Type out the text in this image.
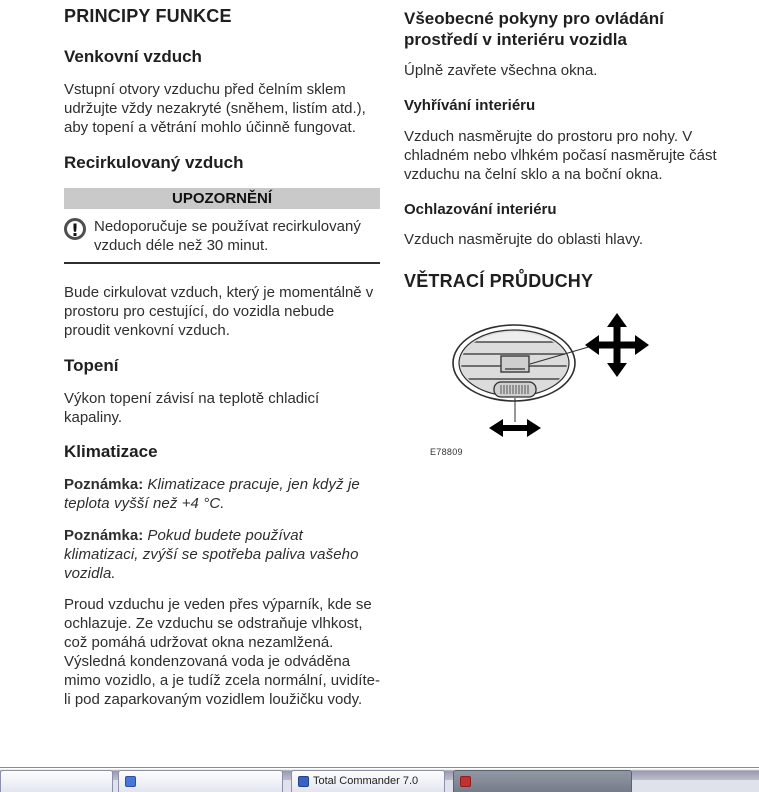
PRINCIPY FUNKCE
Venkovní vzduch

Vstupní otvory vzduchu před čelním sklem udržujte vždy nezakryté (sněhem, listím atd.), aby topení a větrání mohlo účinně fungovat.

Recirkulovaný vzduch
UPOZORNĚNÍ
!	Nedoporučuje se používat recirkulovaný vzduch déle než 30 minut.

Bude cirkulovat vzduch, který je momentálně v prostoru pro cestující, do vozidla nebude proudit venkovní vzduch.

Topení

Výkon topení závisí na teplotě chladicí kapaliny.

Klimatizace

Poznámka: Klimatizace pracuje, jen když je teplota vyšší než +4 °C.

Poznámka: Pokud budete používat klimatizaci, zvýší se spotřeba paliva vašeho vozidla.

Proud vzduchu je veden přes výparník, kde se ochlazuje. Ze vzduchu se odstraňuje vlhkost, což pomáhá udržovat okna nezamlžená. Výsledná kondenzovaná voda je odváděna mimo vozidlo, a je tudíž zcela normální, uvidíte-li pod zaparkovaným vozidlem loužičku vody.

Všeobecné pokyny pro ovládání prostředí v interiéru vozidla

Úplně zavřete všechna okna.

Vyhřívání interiéru

Vzduch nasměrujte do prostoru pro nohy. V chladném nebo vlhkém počasí nasměrujte část vzduchu na čelní sklo a na boční okna.

Ochlazování interiéru

Vzduch nasměrujte do oblasti hlavy.

VĚTRACÍ PRŮDUCHY
E78809
Total Commander 7.0
